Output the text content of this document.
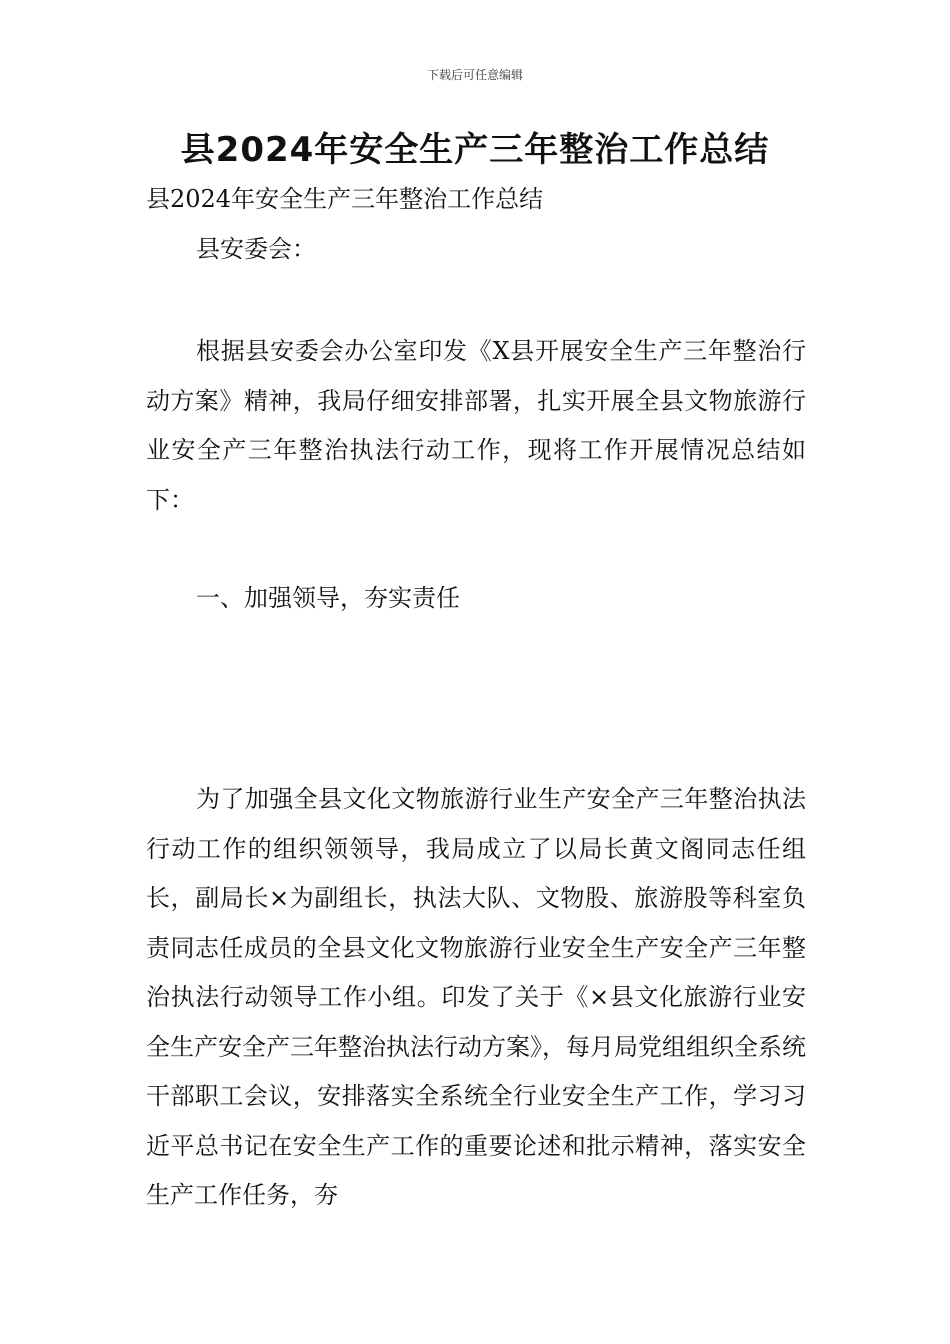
下载后可任意编辑
县2024年安全生产三年整治工作总结

县2024年安全生产三年整治工作总结

县安委会：

根据县安委会办公室印发《X县开展安全生产三年整治行动方案》精神，我局仔细安排部署，扎实开展全县文物旅游行业安全产三年整治执法行动工作，现将工作开展情况总结如下：

一、加强领导，夯实责任

为了加强全县文化文物旅游行业生产安全产三年整治执法行动工作的组织领领导，我局成立了以局长黄文阁同志任组长，副局长×为副组长，执法大队、文物股、旅游股等科室负责同志任成员的全县文化文物旅游行业安全生产安全产三年整治执法行动领导工作小组。印发了关于《×县文化旅游行业安全生产安全产三年整治执法行动方案》，每月局党组组织全系统干部职工会议，安排落实全系统全行业安全生产工作，学习习近平总书记在安全生产工作的重要论述和批示精神，落实安全生产工作任务，夯
